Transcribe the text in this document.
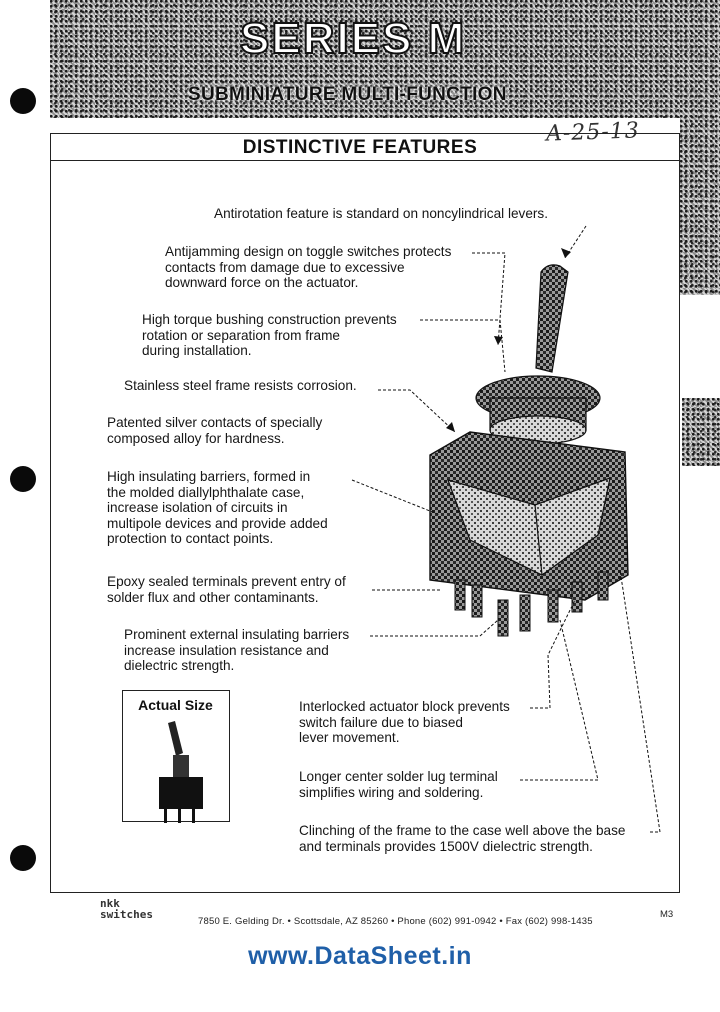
SERIES M
SUBMINIATURE MULTI-FUNCTION
A-25-13
DISTINCTIVE FEATURES
Antirotation feature is standard on noncylindrical levers.
Antijamming design on toggle switches protects
contacts from damage due to excessive
downward force on the actuator.
High torque bushing construction prevents
rotation or separation from frame
during installation.
Stainless steel frame resists corrosion.
Patented silver contacts of specially
composed alloy for hardness.
High insulating barriers, formed in
the molded diallylphthalate case,
increase isolation of circuits in
multipole devices and provide added
protection to contact points.
Epoxy sealed terminals prevent entry of
solder flux and other contaminants.
Prominent external insulating barriers
increase insulation resistance and
dielectric strength.
Interlocked actuator block prevents
switch failure due to biased
lever movement.
Longer center solder lug terminal
simplifies wiring and soldering.
Clinching of the frame to the case well above the base
and terminals provides 1500V dielectric strength.
Actual Size
nkk
switches
7850 E. Gelding Dr. • Scottsdale, AZ 85260 • Phone (602) 991-0942 • Fax (602) 998-1435
M3
www.DataSheet.in
